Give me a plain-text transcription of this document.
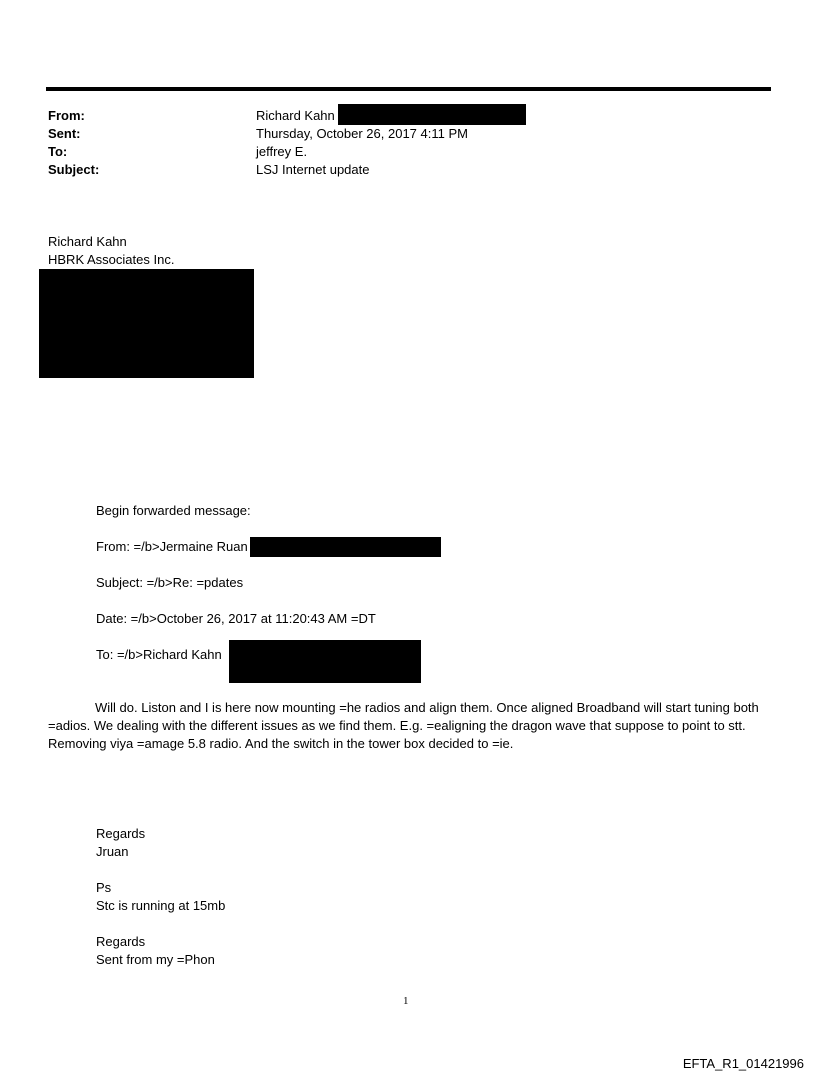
From:	Richard Kahn
Sent:	Thursday, October 26, 2017 4:11 PM
To:	jeffrey E.
Subject:	LSJ Internet update
Richard Kahn
HBRK Associates Inc.
Begin forwarded message:
From: =/b>Jermaine Ruan
Subject: =/b>Re: =pdates
Date: =/b>October 26, 2017 at 11:20:43 AM =DT
To: =/b>Richard Kahn
Will do. Liston and I is here now mounting =he radios and align them. Once aligned Broadband will start tuning both =adios. We dealing with the different issues as we find them. E.g. =ealigning the dragon wave that suppose to point to stt. Removing viya =amage 5.8 radio. And the switch in the tower box decided to =ie.
Regards
Jruan
Ps
Stc is running at 15mb
Regards
Sent from my =Phon
1
EFTA_R1_01421996
